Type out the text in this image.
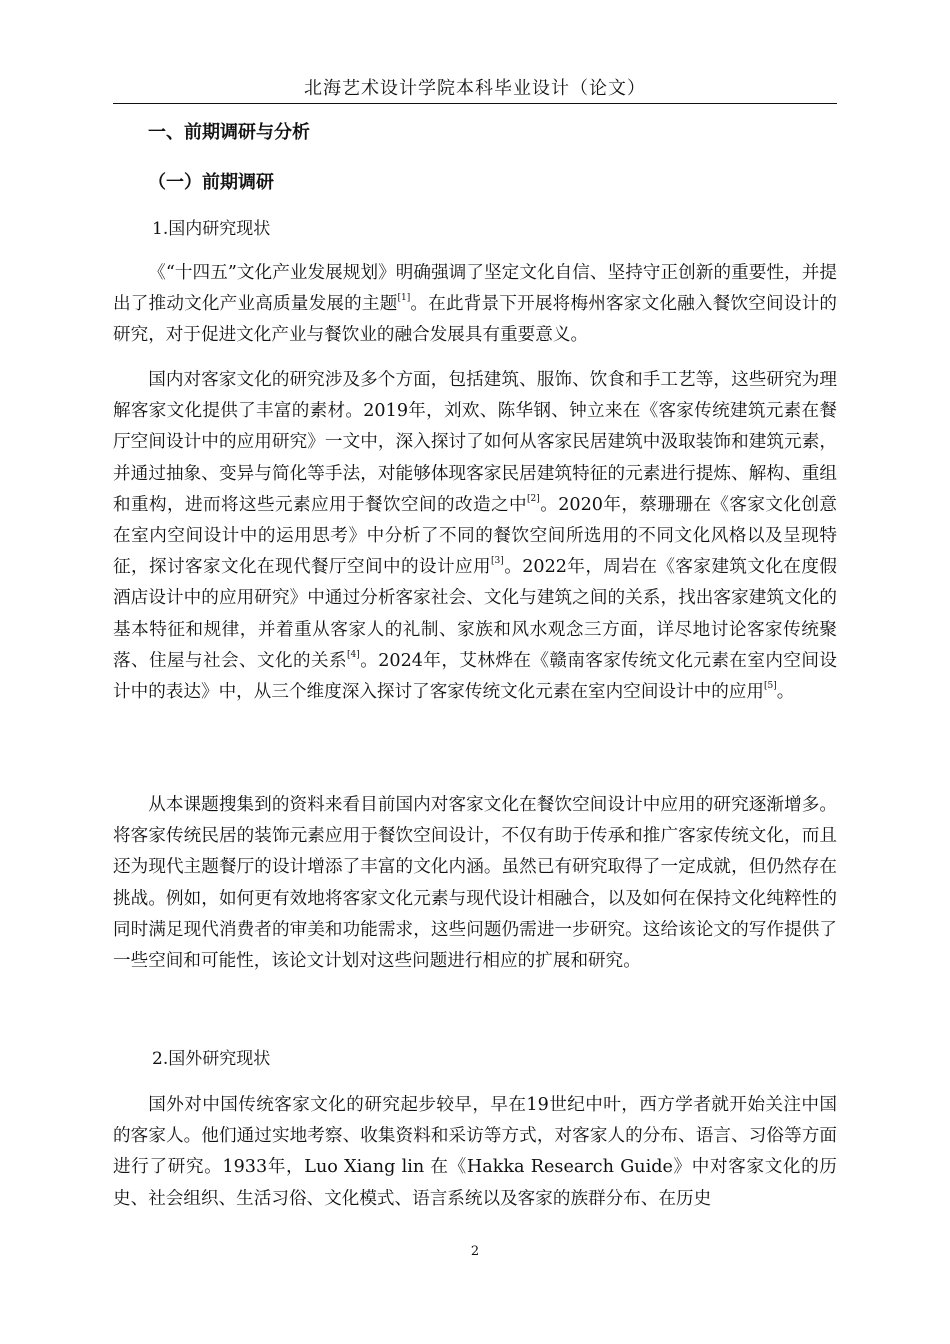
北海艺术设计学院本科毕业设计（论文）
一、前期调研与分析
（一）前期调研
1.国内研究现状

《“十四五”文化产业发展规划》明确强调了坚定文化自信、坚持守正创新的重要性，并提出了推动文化产业高质量发展的主题[1]。在此背景下开展将梅州客家文化融入餐饮空间设计的研究，对于促进文化产业与餐饮业的融合发展具有重要意义。

国内对客家文化的研究涉及多个方面，包括建筑、服饰、饮食和手工艺等，这些研究为理解客家文化提供了丰富的素材。2019年，刘欢、陈华钢、钟立来在《客家传统建筑元素在餐厅空间设计中的应用研究》一文中，深入探讨了如何从客家民居建筑中汲取装饰和建筑元素，并通过抽象、变异与简化等手法，对能够体现客家民居建筑特征的元素进行提炼、解构、重组和重构，进而将这些元素应用于餐饮空间的改造之中[2]。2020年，蔡珊珊在《客家文化创意在室内空间设计中的运用思考》中分析了不同的餐饮空间所选用的不同文化风格以及呈现特征，探讨客家文化在现代餐厅空间中的设计应用[3]。2022年，周岩在《客家建筑文化在度假酒店设计中的应用研究》中通过分析客家社会、文化与建筑之间的关系，找出客家建筑文化的基本特征和规律，并着重从客家人的礼制、家族和风水观念三方面，详尽地讨论客家传统聚落、住屋与社会、文化的关系[4]。2024年，艾林烨在《赣南客家传统文化元素在室内空间设计中的表达》中，从三个维度深入探讨了客家传统文化元素在室内空间设计中的应用[5]。

从本课题搜集到的资料来看目前国内对客家文化在餐饮空间设计中应用的研究逐渐增多。将客家传统民居的装饰元素应用于餐饮空间设计，不仅有助于传承和推广客家传统文化，而且还为现代主题餐厅的设计增添了丰富的文化内涵。虽然已有研究取得了一定成就，但仍然存在挑战。例如，如何更有效地将客家文化元素与现代设计相融合，以及如何在保持文化纯粹性的同时满足现代消费者的审美和功能需求，这些问题仍需进一步研究。这给该论文的写作提供了一些空间和可能性，该论文计划对这些问题进行相应的扩展和研究。

2.国外研究现状

国外对中国传统客家文化的研究起步较早，早在19世纪中叶，西方学者就开始关注中国的客家人。他们通过实地考察、收集资料和采访等方式，对客家人的分布、语言、习俗等方面进行了研究。1933年，Luo Xiang lin 在《Hakka Research Guide》中对客家文化的历史、社会组织、生活习俗、文化模式、语言系统以及客家的族群分布、在历史

2
